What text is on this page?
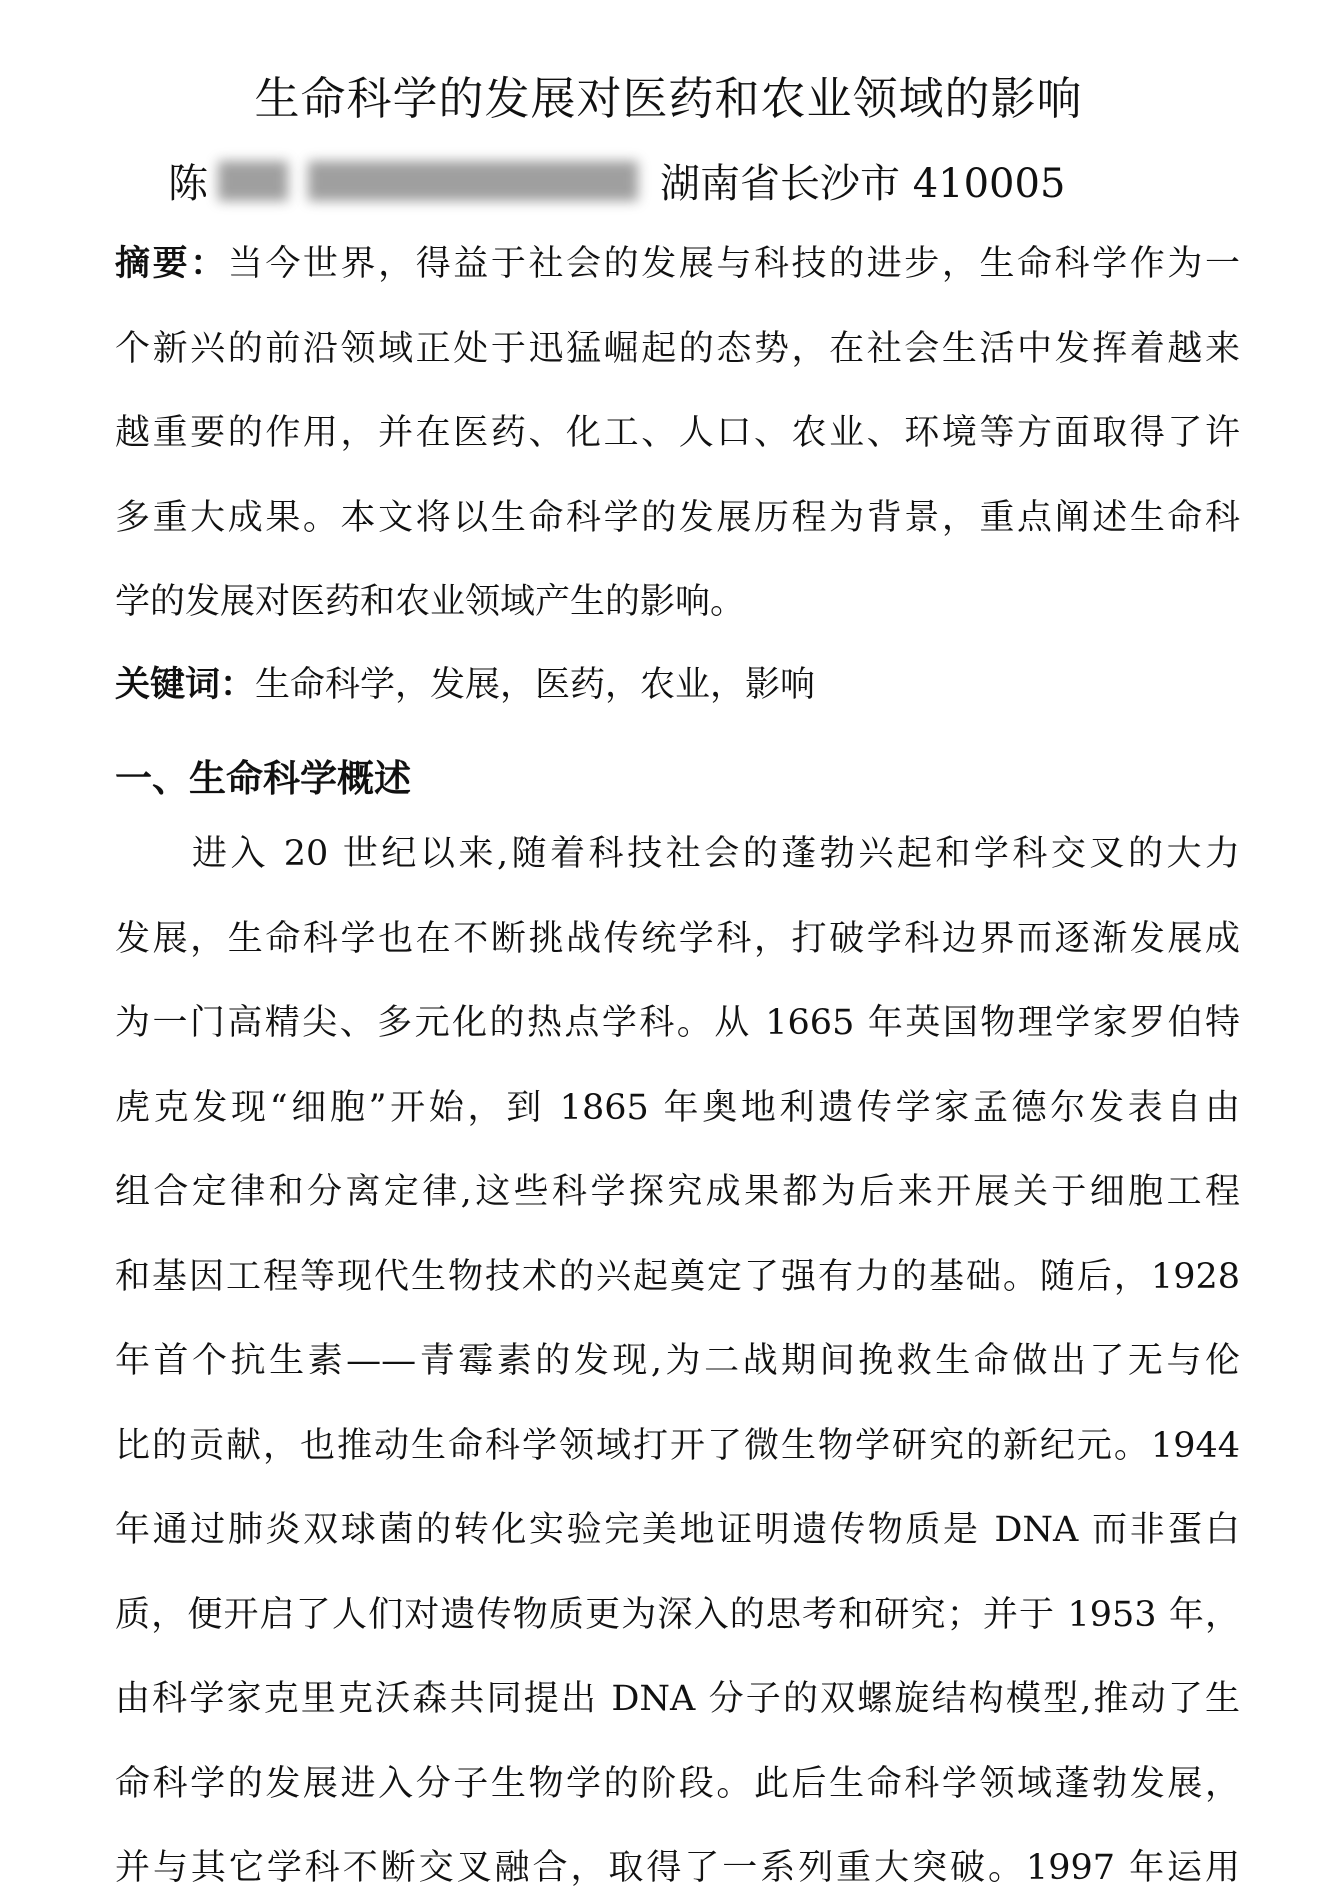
生命科学的发展对医药和农业领域的影响
陈	湖南省长沙市 410005
摘要：当今世界，得益于社会的发展与科技的进步，生命科学作为一
个新兴的前沿领域正处于迅猛崛起的态势，在社会生活中发挥着越来
越重要的作用，并在医药、化工、人口、农业、环境等方面取得了许
多重大成果。本文将以生命科学的发展历程为背景，重点阐述生命科
学的发展对医药和农业领域产生的影响。
关键词：生命科学，发展，医药，农业，影响
一、生命科学概述
　　进入 20 世纪以来,随着科技社会的蓬勃兴起和学科交叉的大力
发展，生命科学也在不断挑战传统学科，打破学科边界而逐渐发展成
为一门高精尖、多元化的热点学科。从 1665 年英国物理学家罗伯特
虎克发现“细胞”开始，到 1865 年奥地利遗传学家孟德尔发表自由
组合定律和分离定律,这些科学探究成果都为后来开展关于细胞工程
和基因工程等现代生物技术的兴起奠定了强有力的基础。随后，1928
年首个抗生素——青霉素的发现,为二战期间挽救生命做出了无与伦
比的贡献，也推动生命科学领域打开了微生物学研究的新纪元。1944
年通过肺炎双球菌的转化实验完美地证明遗传物质是 DNA 而非蛋白
质，便开启了人们对遗传物质更为深入的思考和研究；并于 1953 年，
由科学家克里克沃森共同提出 DNA 分子的双螺旋结构模型,推动了生
命科学的发展进入分子生物学的阶段。此后生命科学领域蓬勃发展，
并与其它学科不断交叉融合，取得了一系列重大突破。1997 年运用
